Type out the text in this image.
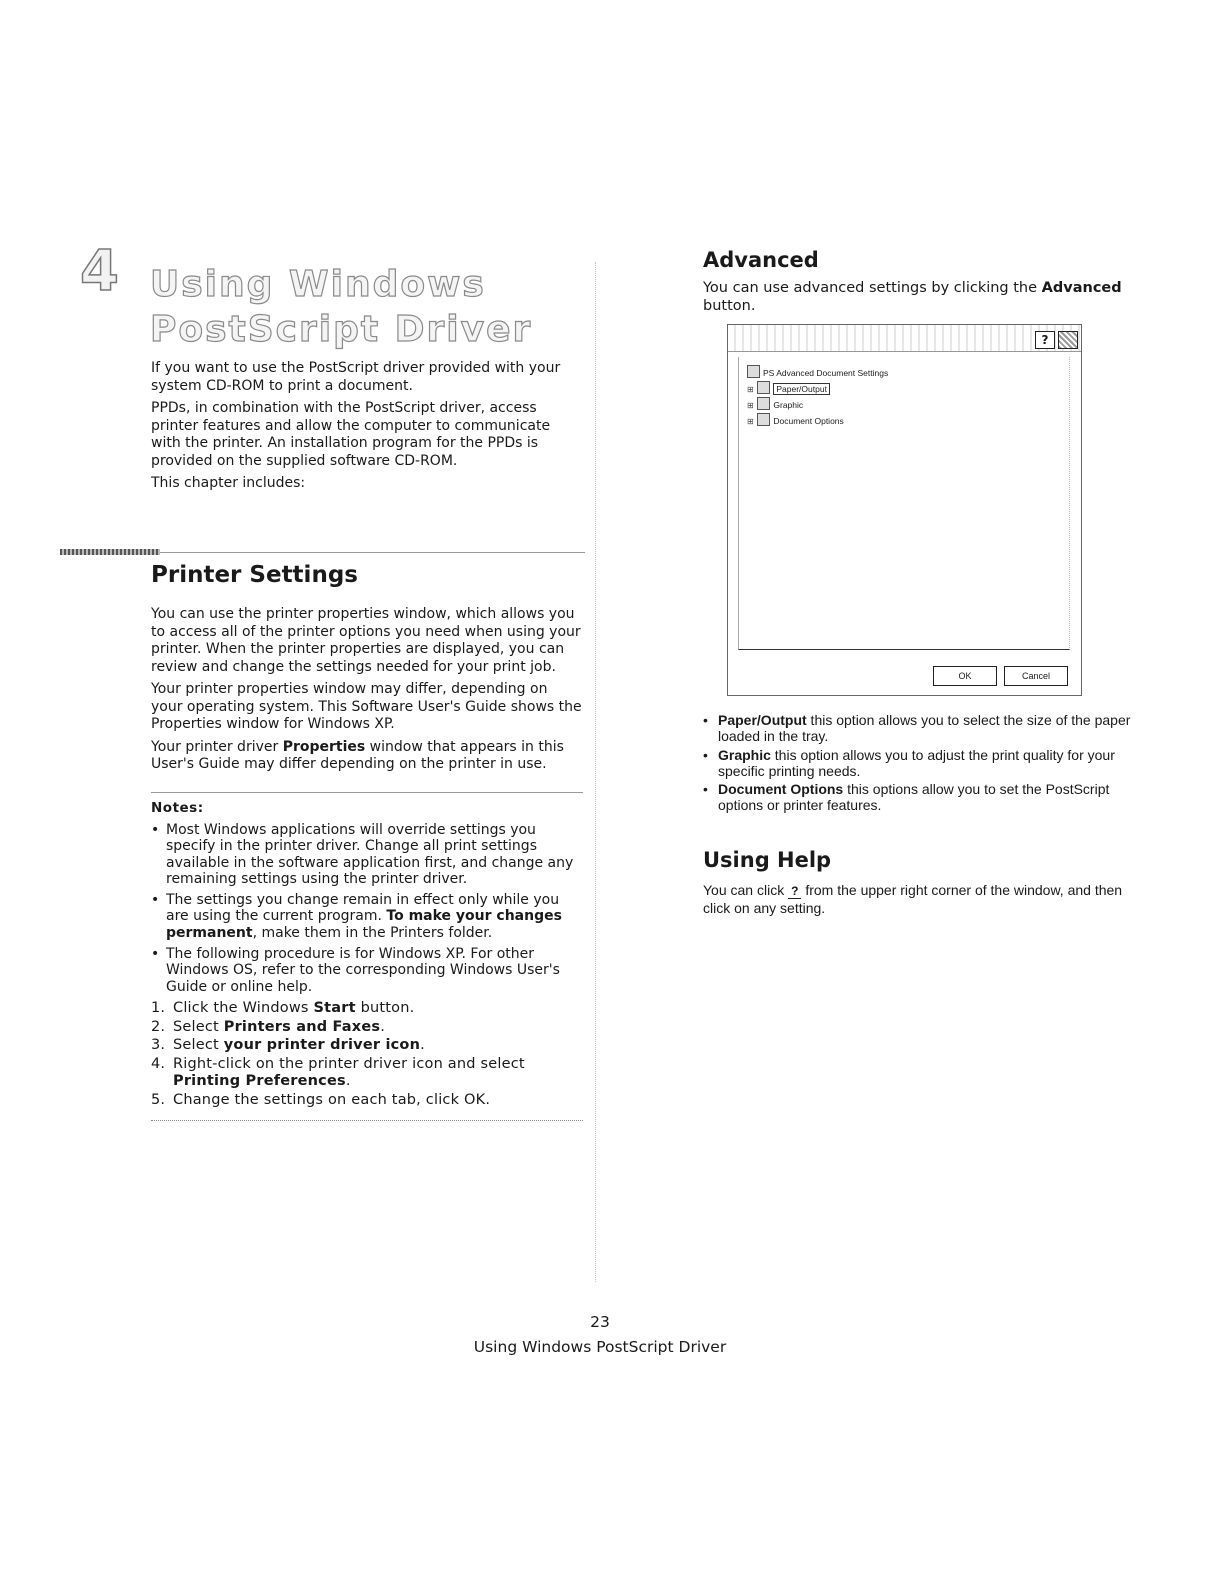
4 Using Windows
PostScript Driver

If you want to use the PostScript driver provided with your system CD-ROM to print a document.

PPDs, in combination with the PostScript driver, access printer features and allow the computer to communicate with the printer. An installation program for the PPDs is provided on the supplied software CD-ROM.

This chapter includes:

Printer Settings

You can use the printer properties window, which allows you to access all of the printer options you need when using your printer. When the printer properties are displayed, you can review and change the settings needed for your print job.

Your printer properties window may differ, depending on your operating system. This Software User's Guide shows the Properties window for Windows XP.

Your printer driver Properties window that appears in this User's Guide may differ depending on the printer in use.

Notes:
• Most Windows applications will override settings you specify in the printer driver. Change all print settings available in the software application first, and change any remaining settings using the printer driver.
• The settings you change remain in effect only while you are using the current program. To make your changes permanent, make them in the Printers folder.
• The following procedure is for Windows XP. For other Windows OS, refer to the corresponding Windows User's Guide or online help.
1. Click the Windows Start button.
2. Select Printers and Faxes.
3. Select your printer driver icon.
4. Right-click on the printer driver icon and select Printing Preferences.
5. Change the settings on each tab, click OK.
Advanced

You can use advanced settings by clicking the Advanced button.

?
PS Advanced Document Settings
⊞	Paper/Output
⊞ Graphic
⊞ Document Options
OK	Cancel
• Paper/Output this option allows you to select the size of the paper loaded in the tray.
• Graphic this option allows you to adjust the print quality for your specific printing needs.
• Document Options this options allow you to set the PostScript options or printer features.
Using Help

You can click ? from the upper right corner of the window, and then click on any setting.

23
Using Windows PostScript Driver
